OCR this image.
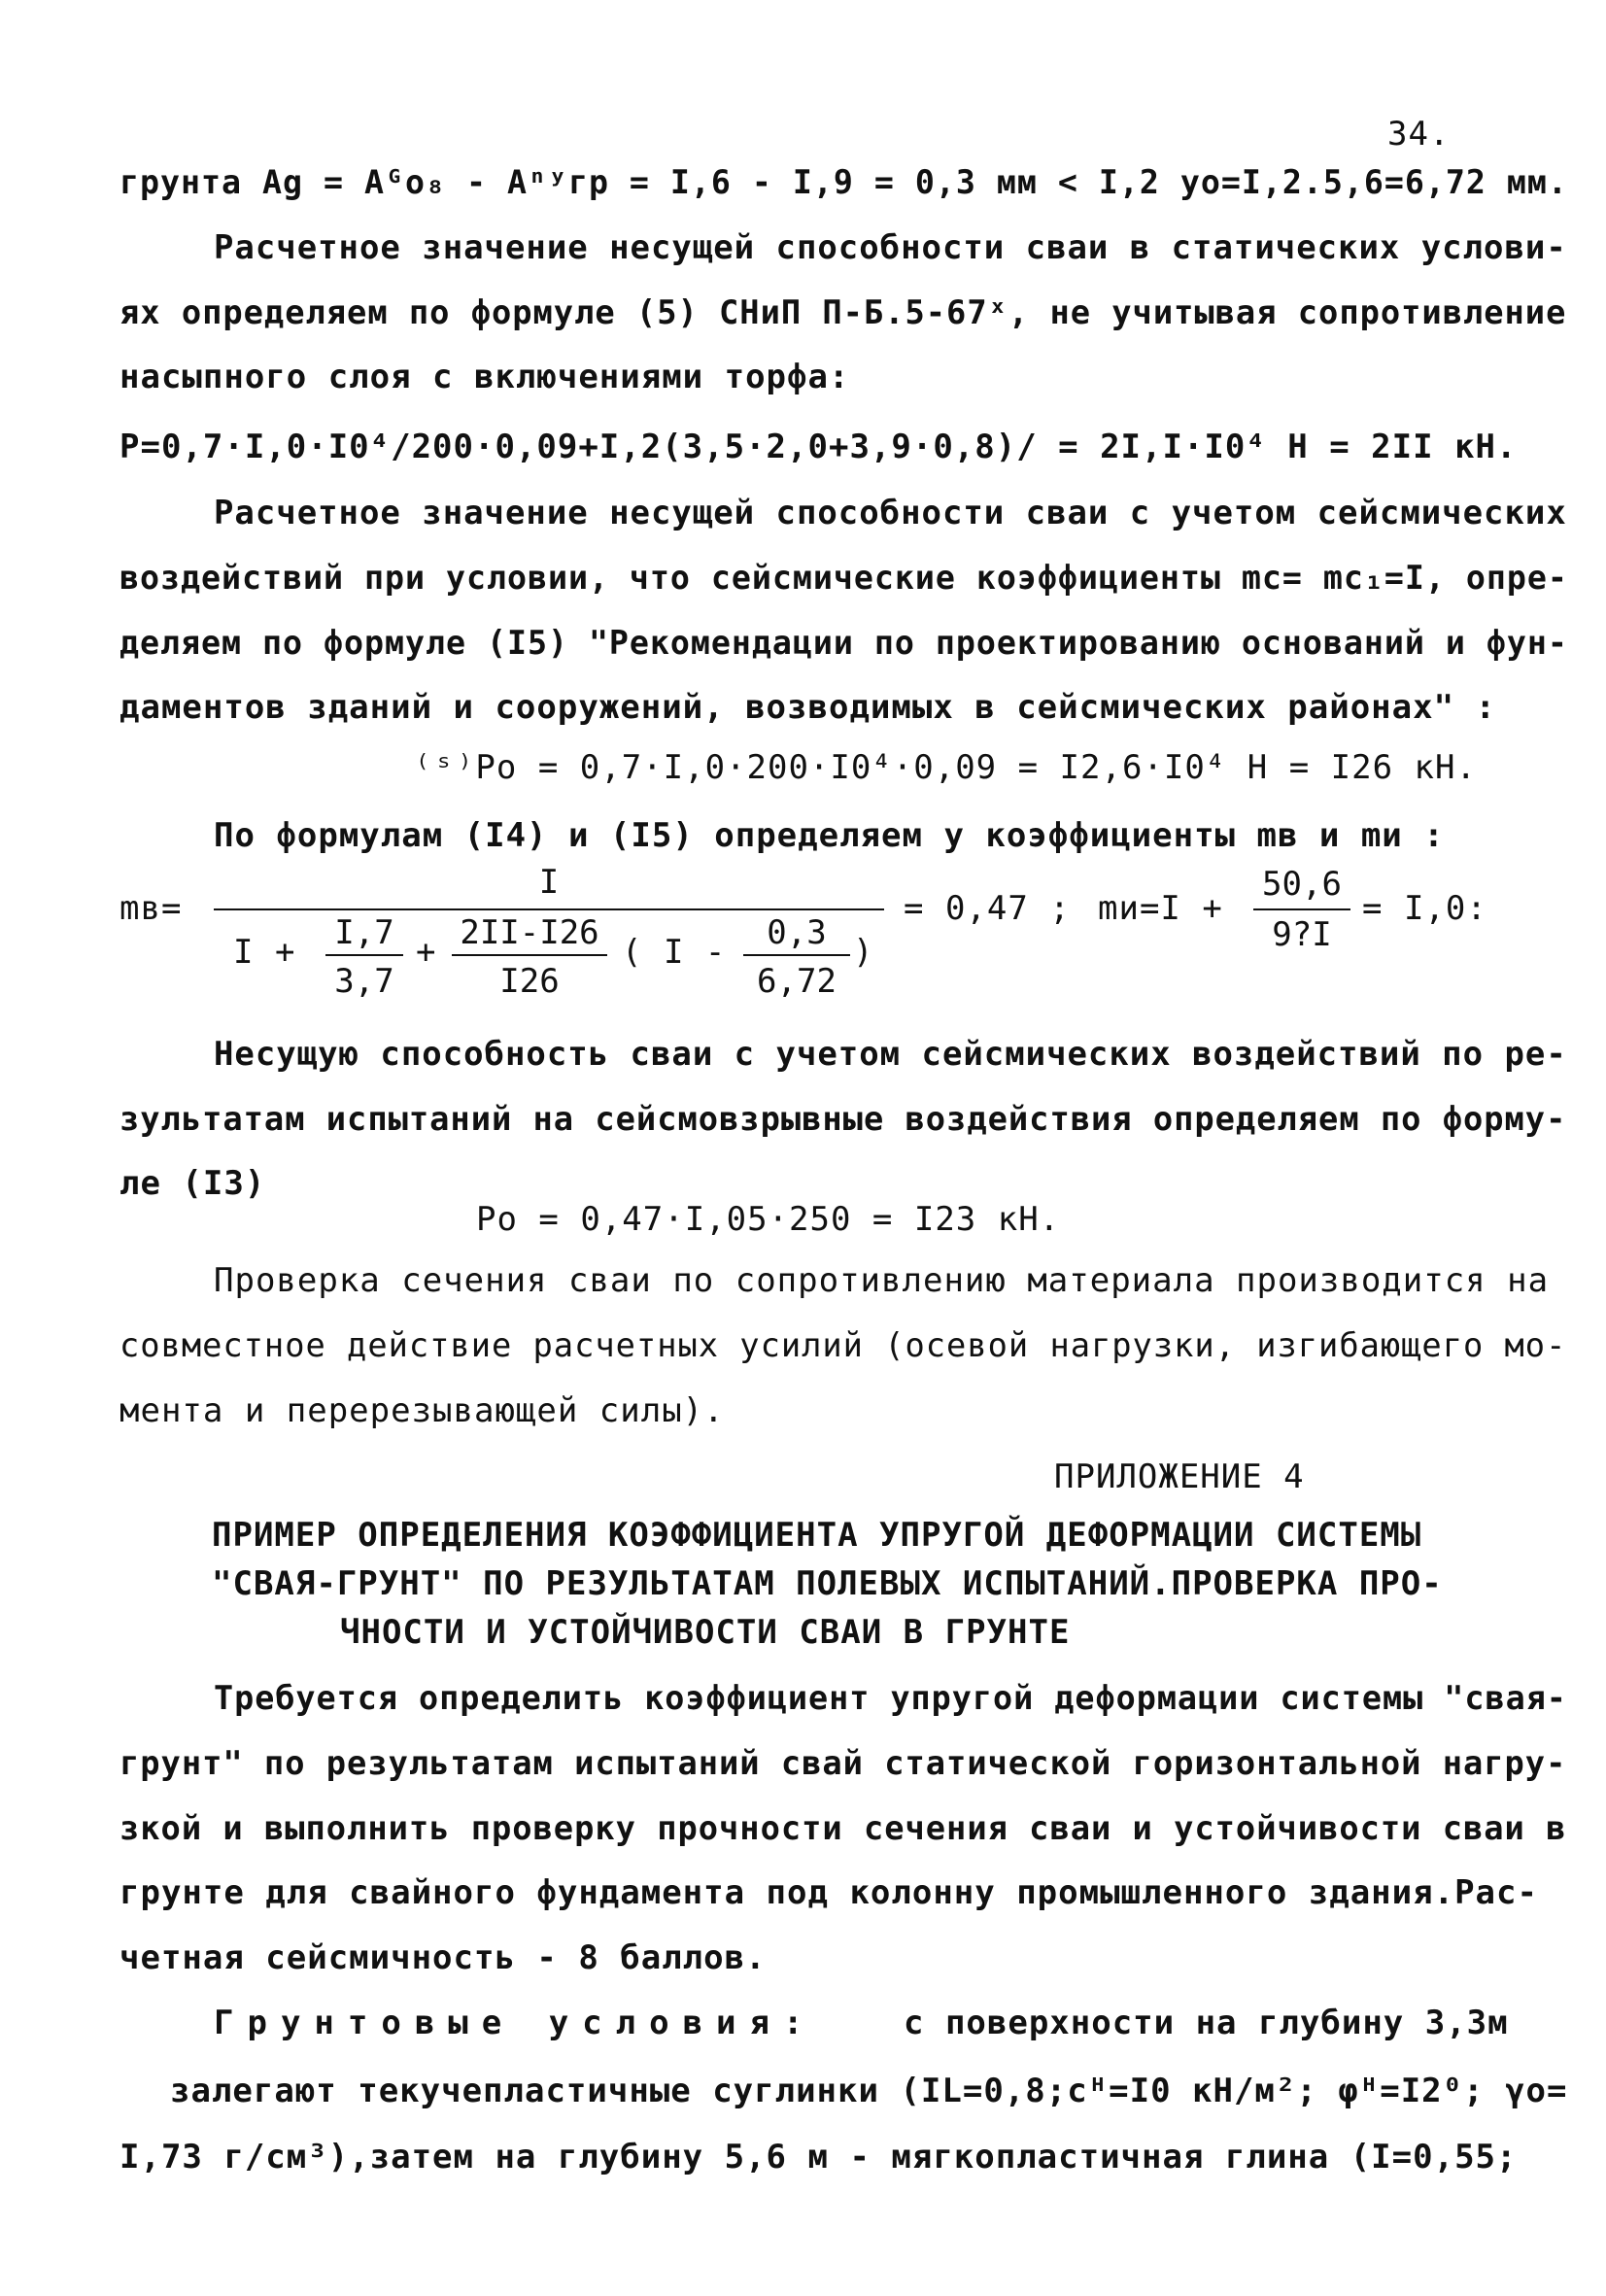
34.
грунта Ag = Aᴳо₈ - Aⁿʸгр = I,6 - I,9 = 0,3 мм < I,2 yo=I,2.5,6=6,72 мм.
Расчетное значение несущей способности сваи в статических услови-
ях определяем по формуле (5) СНиП П-Б.5-67ˣ, не учитывая сопротивление
насыпного слоя с включениями торфа:
P=0,7·I,0·I0⁴/200·0,09+I,2(3,5·2,0+3,9·0,8)/ = 2I,I·I0⁴ H = 2II кН.
Расчетное значение несущей способности сваи с учетом сейсмических
воздействий при условии, что сейсмические коэффициенты mc= mc₁=I, опре-
деляем по формуле (I5) "Рекомендации по проектированию оснований и фун-
даментов зданий и сооружений, возводимых в сейсмических районах" :
⁽ˢ⁾Po = 0,7·I,0·200·I0⁴·0,09 = I2,6·I0⁴ H = I26 кН.
По формулам (I4) и (I5) определяем у коэффициенты mв и mи :
mв=
I
I + I,7
3,7
+ 2II-I26
I26
( I -	0,3
6,72
)
= 0,47 ; mи=I +
50,6
9?I
= I,0:
Несущую способность сваи с учетом сейсмических воздействий по ре-
зультатам испытаний на сейсмовзрывные воздействия определяем по форму-
ле (I3)
Po = 0,47·I,05·250 = I23 кН.
Проверка сечения сваи по сопротивлению материала производится на
совместное действие расчетных усилий (осевой нагрузки, изгибающего мо-
мента и перерезывающей силы).
ПРИЛОЖЕНИЕ 4
ПРИМЕР ОПРЕДЕЛЕНИЯ КОЭФФИЦИЕНТА УПРУГОЙ ДЕФОРМАЦИИ СИСТЕМЫ
"СВАЯ-ГРУНТ" ПО РЕЗУЛЬТАТАМ ПОЛЕВЫХ ИСПЫТАНИЙ.ПРОВЕРКА ПРО-
ЧНОСТИ И УСТОЙЧИВОСТИ СВАИ В ГРУНТЕ
Требуется определить коэффициент упругой деформации системы "свая-
грунт" по результатам испытаний свай статической горизонтальной нагру-
зкой и выполнить проверку прочности сечения сваи и устойчивости сваи в
грунте для свайного фундамента под колонну промышленного здания.Рас-
четная сейсмичность - 8 баллов.
Грунтовые условия:	с поверхности на глубину 3,3м
залегают текучепластичные суглинки (IL=0,8;cᴴ=I0 кН/м²; φᴴ=I2⁰; γo=
I,73 г/см³),затем на глубину 5,6 м - мягкопластичная глина (I=0,55;
